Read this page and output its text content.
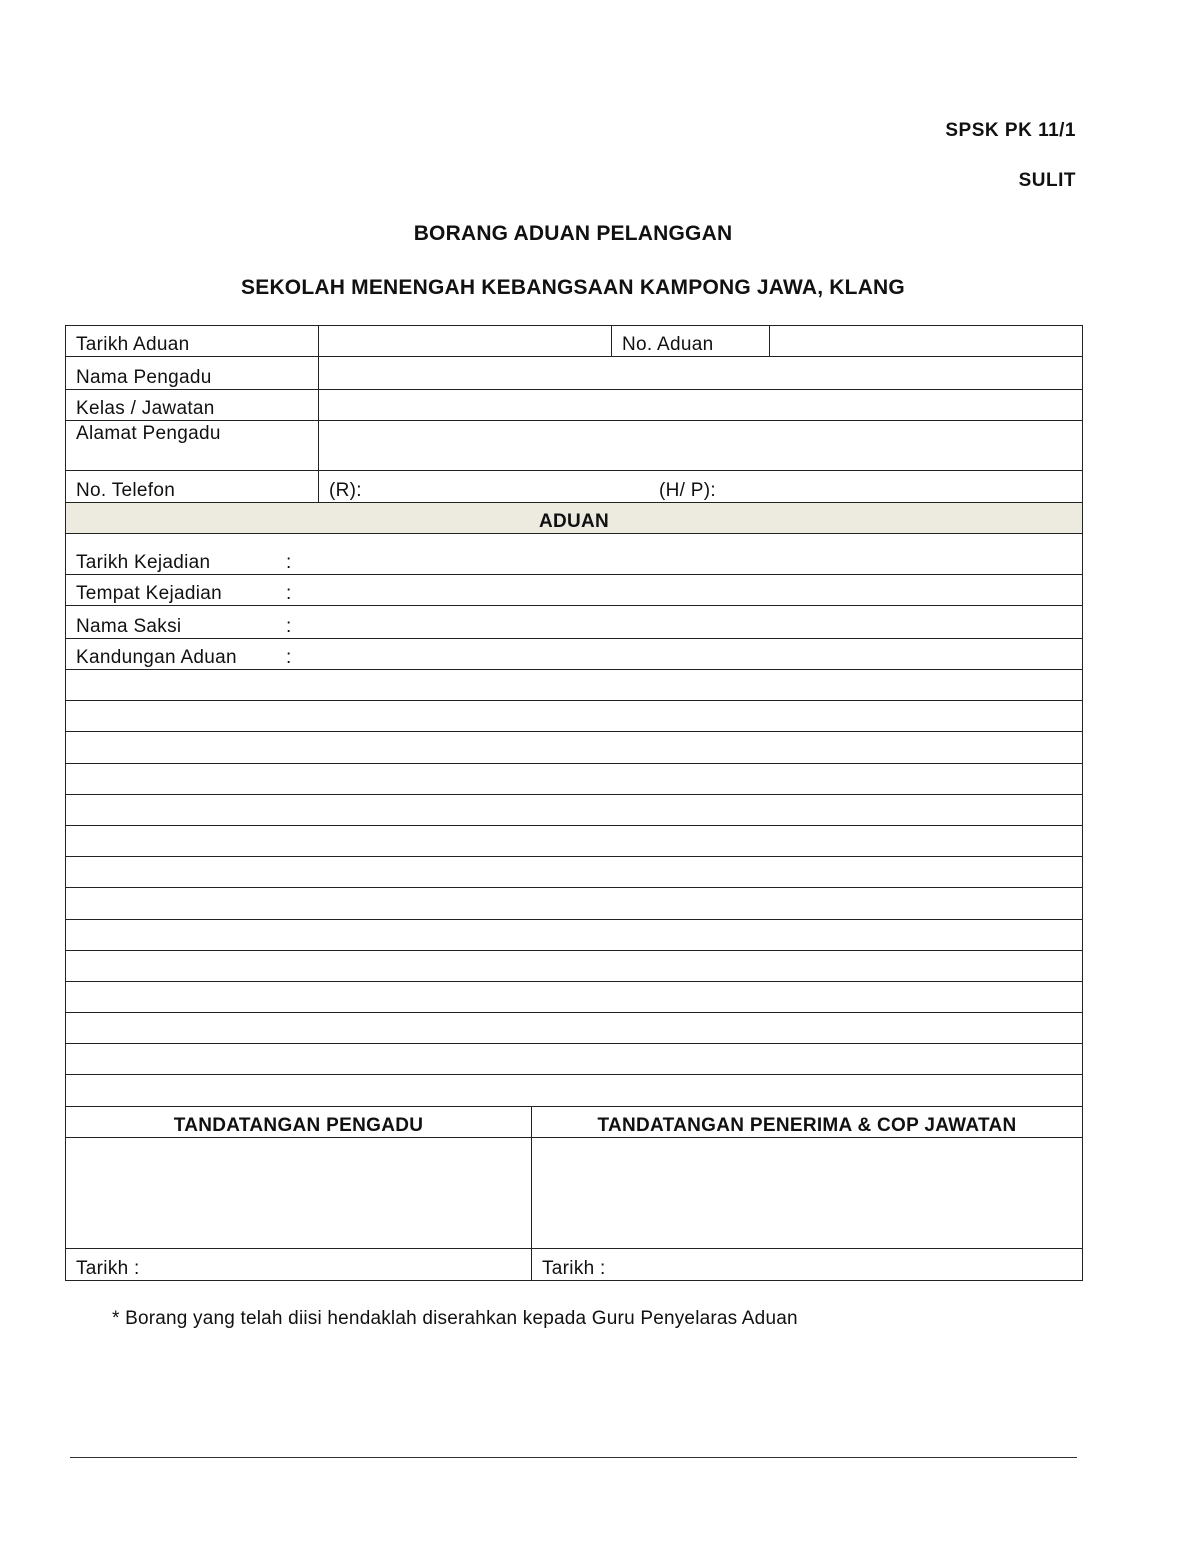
SPSK PK 11/1
SULIT
BORANG ADUAN PELANGGAN
SEKOLAH MENENGAH KEBANGSAAN KAMPONG JAWA, KLANG
Tarikh Aduan		No. Aduan	
Nama Pengadu			
Kelas / Jawatan			
Alamat Pengadu			
No. Telefon	(R): (H/ P):		

ADUAN			

Tarikh Kejadian :			

Tempat Kejadian :			

Nama Saksi :			

Kandungan Aduan :			

TANDATANGAN PENGADU	TANDATANGAN PENERIMA & COP JAWATAN

Tarikh :	Tarikh :
* Borang yang telah diisi hendaklah diserahkan kepada Guru Penyelaras Aduan
